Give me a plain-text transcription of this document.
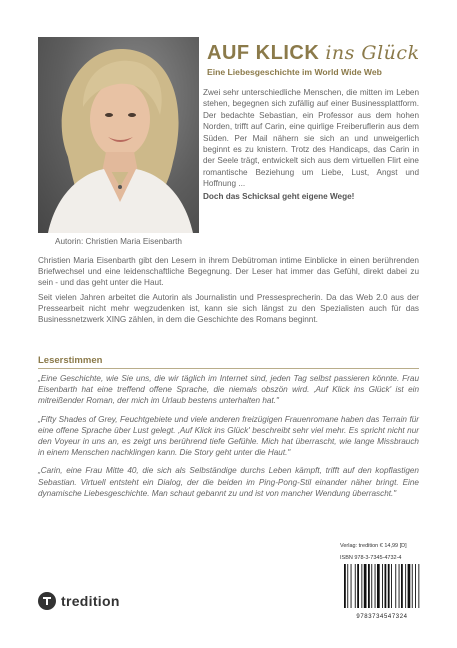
Autorin: Christien Maria Eisenbarth
AUF KLICK ins Glück
Eine Liebesgeschichte im World Wide Web
Zwei sehr unterschiedliche Menschen, die mitten im Leben stehen, begegnen sich zufällig auf einer Businessplattform. Der bedachte Sebastian, ein Professor aus dem hohen Norden, trifft auf Carin, eine quirlige Freiberuflerin aus dem Süden. Per Mail nähern sie sich an und unweigerlich beginnt es zu knistern. Trotz des Handicaps, das Carin in der Seele trägt, entwickelt sich aus dem virtuellen Flirt eine romantische Beziehung um Liebe, Lust, Angst und Hoffnung ...
Doch das Schicksal geht eigene Wege!

Christien Maria Eisenbarth gibt den Lesern in ihrem Debütroman intime Einblicke in einen berührenden Briefwechsel und eine leidenschaftliche Begegnung. Der Leser hat immer das Gefühl, direkt dabei zu sein - und das geht unter die Haut.

Seit vielen Jahren arbeitet die Autorin als Journalistin und Pressesprecherin. Da das Web 2.0 aus der Pressearbeit nicht mehr wegzudenken ist, kann sie sich längst zu den Spezialisten auch für das Businessnetzwerk XING zählen, in dem die Geschichte des Romans beginnt.

Leserstimmen

„Eine Geschichte, wie Sie uns, die wir täglich im Internet sind, jeden Tag selbst passieren könnte. Frau Eisenbarth hat eine treffend offene Sprache, die niemals obszön wird. ‚Auf Klick ins Glück' ist ein mitreißender Roman, der mich im Urlaub bestens unterhalten hat."

„Fifty Shades of Grey, Feuchtgebiete und viele anderen freizügigen Frauenromane haben das Terrain für eine offene Sprache über Lust gelegt. ‚Auf Klick ins Glück' beschreibt sehr viel mehr. Es spricht nicht nur den Voyeur in uns an, es zeigt uns berührend tiefe Gefühle. Mich hat überrascht, wie lange Missbrauch in einem Menschen nachklingen kann. Die Story geht unter die Haut."

„Carin, eine Frau Mitte 40, die sich als Selbständige durchs Leben kämpft, trifft auf den kopflastigen Sebastian. Virtuell entsteht ein Dialog, der die beiden im Ping-Pong-Stil einander näher bringt. Eine dynamische Liebesgeschichte. Man schaut gebannt zu und ist von mancher Wendung überrascht."

tredition
Verlag: tredition € 14,99 [D]
ISBN 978-3-7345-4732-4
9783734547324
